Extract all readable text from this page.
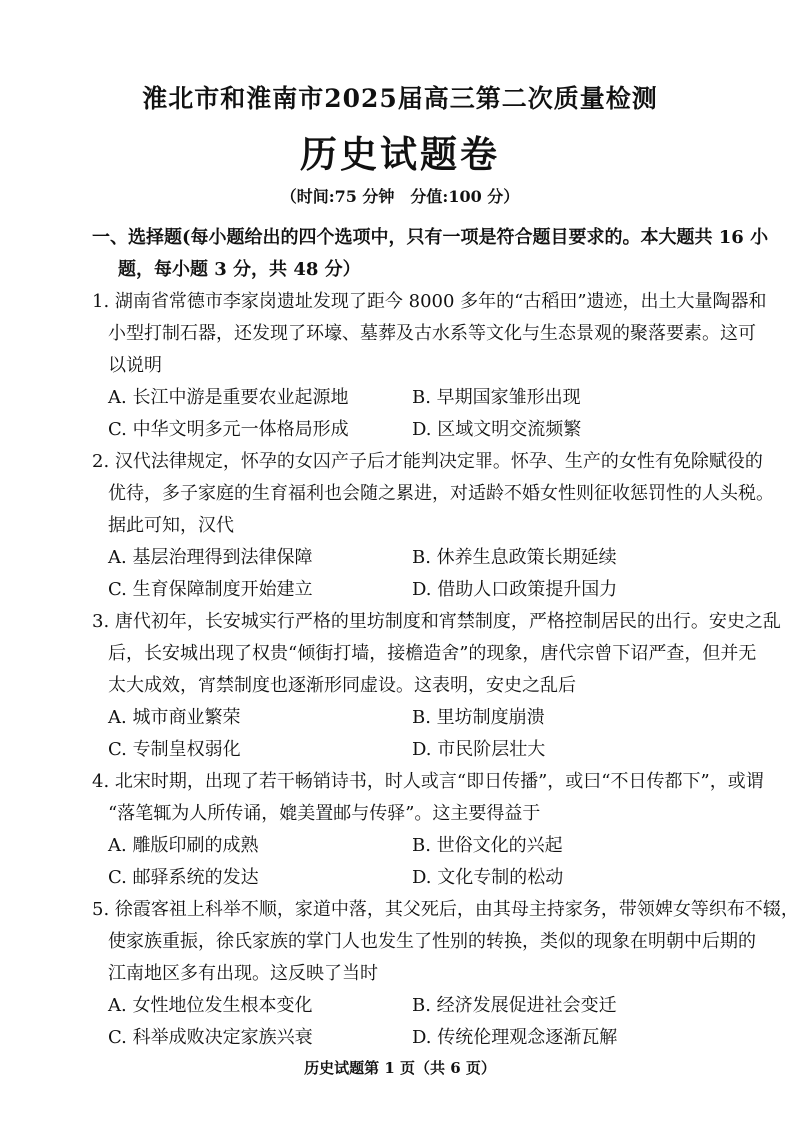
淮北市和淮南市2025届高三第二次质量检测
历史试题卷
（时间:75 分钟　分值:100 分）
一、选择题(每小题给出的四个选项中，只有一项是符合题目要求的。本大题共 16 小
题，每小题 3 分，共 48 分）
1. 湖南省常德市李家岗遗址发现了距今 8000 多年的“古稻田”遗迹，出土大量陶器和
小型打制石器，还发现了环壕、墓葬及古水系等文化与生态景观的聚落要素。这可
以说明
A. 长江中游是重要农业起源地	B. 早期国家雏形出现
C. 中华文明多元一体格局形成	D. 区域文明交流频繁
2. 汉代法律规定，怀孕的女囚产子后才能判决定罪。怀孕、生产的女性有免除赋役的
优待，多子家庭的生育福利也会随之累进，对适龄不婚女性则征收惩罚性的人头税。
据此可知，汉代
A. 基层治理得到法律保障	B. 休养生息政策长期延续
C. 生育保障制度开始建立	D. 借助人口政策提升国力
3. 唐代初年，长安城实行严格的里坊制度和宵禁制度，严格控制居民的出行。安史之乱
后，长安城出现了权贵“倾街打墙，接檐造舍”的现象，唐代宗曾下诏严查，但并无
太大成效，宵禁制度也逐渐形同虚设。这表明，安史之乱后
A. 城市商业繁荣	B. 里坊制度崩溃
C. 专制皇权弱化	D. 市民阶层壮大
4. 北宋时期，出现了若干畅销诗书，时人或言“即日传播”，或曰“不日传都下”，或谓
“落笔辄为人所传诵，媲美置邮与传驿”。这主要得益于
A. 雕版印刷的成熟	B. 世俗文化的兴起
C. 邮驿系统的发达	D. 文化专制的松动
5. 徐霞客祖上科举不顺，家道中落，其父死后，由其母主持家务，带领婢女等织布不辍，
使家族重振，徐氏家族的掌门人也发生了性别的转换，类似的现象在明朝中后期的
江南地区多有出现。这反映了当时
A. 女性地位发生根本变化	B. 经济发展促进社会变迁
C. 科举成败决定家族兴衰	D. 传统伦理观念逐渐瓦解
历史试题第 1 页（共 6 页）
